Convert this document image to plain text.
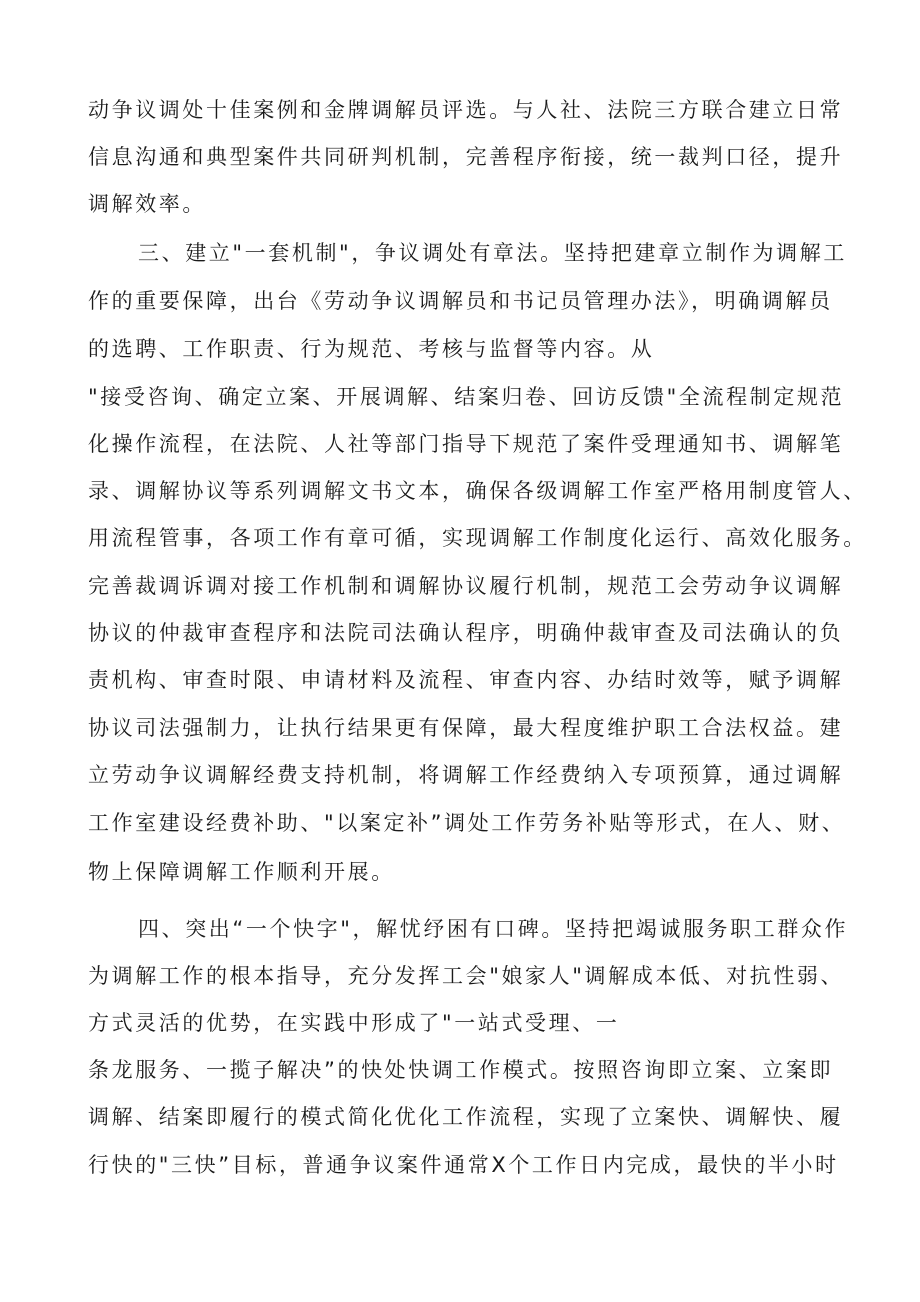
动争议调处十佳案例和金牌调解员评选。与人社、法院三方联合建立日常
信息沟通和典型案件共同研判机制，完善程序衔接，统一裁判口径，提升
调解效率。
三、建立"一套机制"，争议调处有章法。坚持把建章立制作为调解工
作的重要保障，出台《劳动争议调解员和书记员管理办法》，明确调解员
的选聘、工作职责、行为规范、考核与监督等内容。从
"接受咨询、确定立案、开展调解、结案归卷、回访反馈"全流程制定规范
化操作流程，在法院、人社等部门指导下规范了案件受理通知书、调解笔
录、调解协议等系列调解文书文本，确保各级调解工作室严格用制度管人、
用流程管事，各项工作有章可循，实现调解工作制度化运行、高效化服务。
完善裁调诉调对接工作机制和调解协议履行机制，规范工会劳动争议调解
协议的仲裁审查程序和法院司法确认程序，明确仲裁审查及司法确认的负
责机构、审查时限、申请材料及流程、审查内容、办结时效等，赋予调解
协议司法强制力，让执行结果更有保障，最大程度维护职工合法权益。建
立劳动争议调解经费支持机制，将调解工作经费纳入专项预算，通过调解
工作室建设经费补助、"以案定补”调处工作劳务补贴等形式，在人、财、
物上保障调解工作顺利开展。
四、突出“一个快字"，解忧纾困有口碑。坚持把竭诚服务职工群众作
为调解工作的根本指导，充分发挥工会"娘家人"调解成本低、对抗性弱、
方式灵活的优势，在实践中形成了"一站式受理、一
条龙服务、一揽子解决”的快处快调工作模式。按照咨询即立案、立案即
调解、结案即履行的模式简化优化工作流程，实现了立案快、调解快、履
行快的"三快”目标，普通争议案件通常X个工作日内完成，最快的半小时
